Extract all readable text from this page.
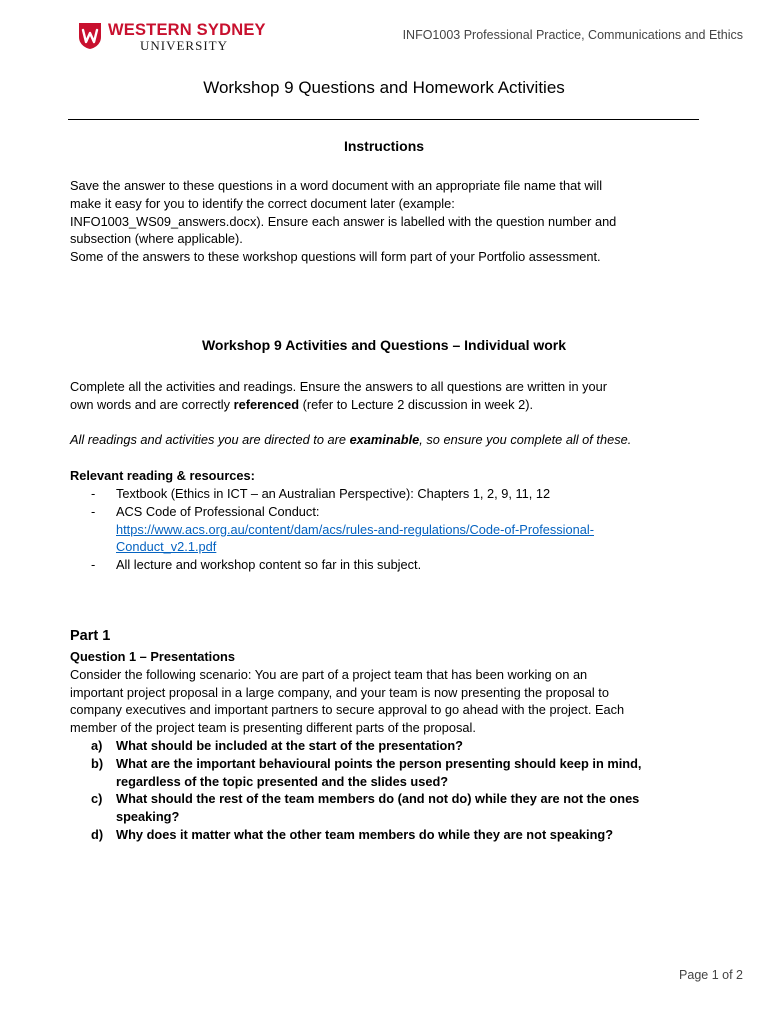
WESTERN SYDNEY
UNIVERSITY
INFO1003 Professional Practice, Communications and Ethics
Workshop 9 Questions and Homework Activities
Instructions

Save the answer to these questions in a word document with an appropriate file name that will

make it easy for you to identify the correct document later (example:

INFO1003_WS09_answers.docx). Ensure each answer is labelled with the question number and

subsection (where applicable).

Some of the answers to these workshop questions will form part of your Portfolio assessment.

Workshop 9 Activities and Questions – Individual work

Complete all the activities and readings. Ensure the answers to all questions are written in your

own words and are correctly referenced (refer to Lecture 2 discussion in week 2).

All readings and activities you are directed to are examinable, so ensure you complete all of these.

Relevant reading & resources:
- Textbook (Ethics in ICT – an Australian Perspective): Chapters 1, 2, 9, 11, 12
- ACS Code of Professional Conduct:
https://www.acs.org.au/content/dam/acs/rules-and-regulations/Code-of-Professional-
Conduct_v2.1.pdf
- All lecture and workshop content so far in this subject.
Part 1

Question 1 – Presentations

Consider the following scenario: You are part of a project team that has been working on an

important project proposal in a large company, and your team is now presenting the proposal to

company executives and important partners to secure approval to go ahead with the project. Each

member of the project team is presenting different parts of the proposal.

a) What should be included at the start of the presentation?
b) What are the important behavioural points the person presenting should keep in mind,
regardless of the topic presented and the slides used?
c) What should the rest of the team members do (and not do) while they are not the ones
speaking?
d) Why does it matter what the other team members do while they are not speaking?
Page 1 of 2
